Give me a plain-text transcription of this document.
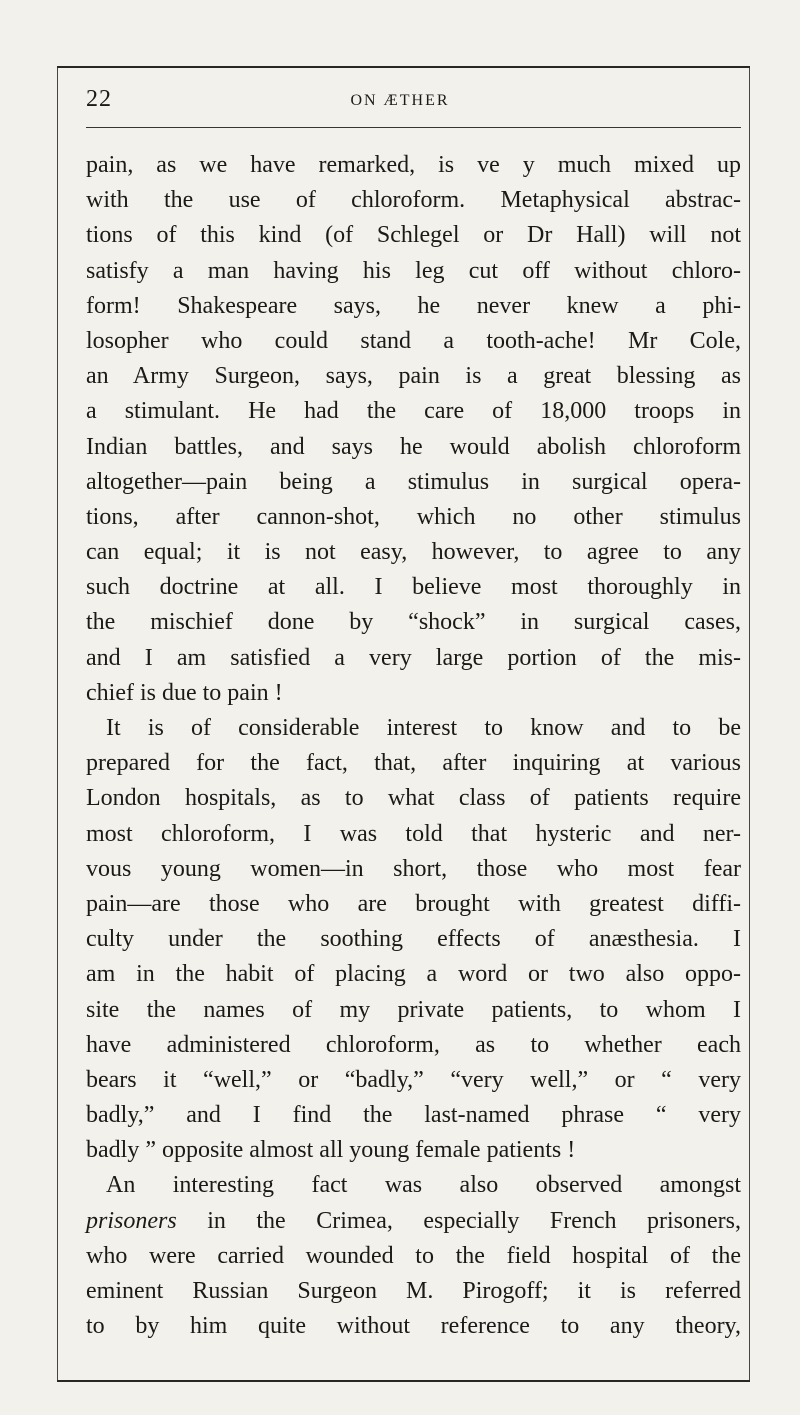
22	ON ÆTHER
pain, as we have remarked, is ve y much mixed up
with the use of chloroform. Metaphysical abstrac-
tions of this kind (of Schlegel or Dr Hall) will not
satisfy a man having his leg cut off without chloro-
form! Shakespeare says, he never knew a phi-
losopher who could stand a tooth-ache! Mr Cole,
an Army Surgeon, says, pain is a great blessing as
a stimulant. He had the care of 18,000 troops in
Indian battles, and says he would abolish chloroform
altogether—pain being a stimulus in surgical opera-
tions, after cannon-shot, which no other stimulus
can equal; it is not easy, however, to agree to any
such doctrine at all. I believe most thoroughly in
the mischief done by “shock” in surgical cases,
and I am satisfied a very large portion of the mis-
chief is due to pain !
It is of considerable interest to know and to be
prepared for the fact, that, after inquiring at various
London hospitals, as to what class of patients require
most chloroform, I was told that hysteric and ner-
vous young women—in short, those who most fear
pain—are those who are brought with greatest diffi-
culty under the soothing effects of anæsthesia. I
am in the habit of placing a word or two also oppo-
site the names of my private patients, to whom I
have administered chloroform, as to whether each
bears it “well,” or “badly,” “very well,” or “ very
badly,” and I find the last-named phrase “ very
badly ” opposite almost all young female patients !
An interesting fact was also observed amongst
prisoners in the Crimea, especially French prisoners,
who were carried wounded to the field hospital of the
eminent Russian Surgeon M. Pirogoff; it is referred
to by him quite without reference to any theory,
